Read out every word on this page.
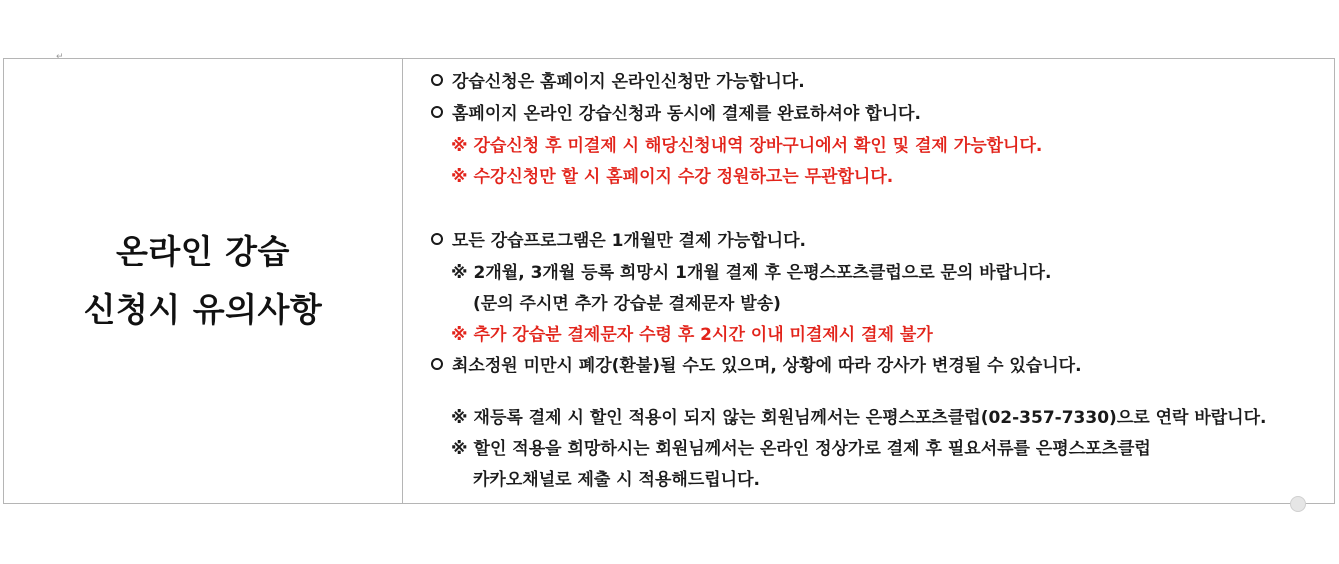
↵
온라인 강습
신청시 유의사항
강습신청은 홈페이지 온라인신청만 가능합니다.
홈페이지 온라인 강습신청과 동시에 결제를 완료하셔야 합니다.
※ 강습신청 후 미결제 시 해당신청내역 장바구니에서 확인 및 결제 가능합니다.
※ 수강신청만 할 시 홈페이지 수강 정원하고는 무관합니다.
모든 강습프로그램은 1개월만 결제 가능합니다.
※ 2개월, 3개월 등록 희망시 1개월 결제 후 은평스포츠클럽으로 문의 바랍니다.
(문의 주시면 추가 강습분 결제문자 발송)
※ 추가 강습분 결제문자 수령 후 2시간 이내 미결제시 결제 불가
최소정원 미만시 폐강(환불)될 수도 있으며, 상황에 따라 강사가 변경될 수 있습니다.
※ 재등록 결제 시 할인 적용이 되지 않는 회원님께서는 은평스포츠클럽(02-357-7330)으로 연락 바랍니다.
※ 할인 적용을 희망하시는 회원님께서는 온라인 정상가로 결제 후 필요서류를 은평스포츠클럽
카카오채널로 제출 시 적용해드립니다.
